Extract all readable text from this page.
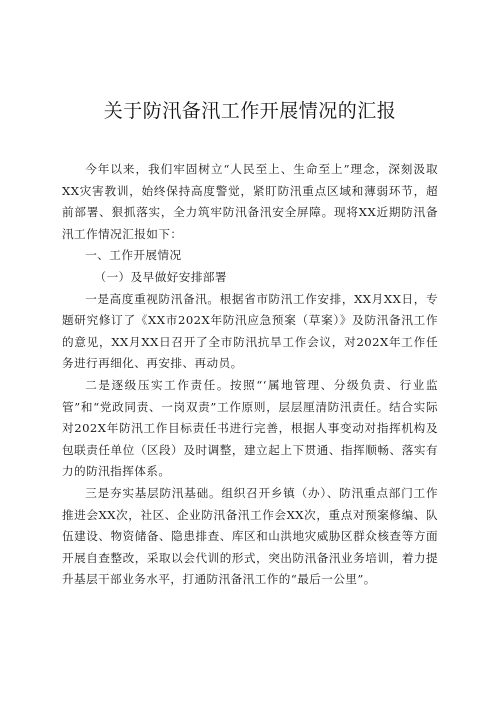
关于防汛备汛工作开展情况的汇报

今年以来，我们牢固树立“人民至上、生命至上”理念，深刻汲取XX灾害教训，始终保持高度警觉，紧盯防汛重点区域和薄弱环节，超前部署、狠抓落实，全力筑牢防汛备汛安全屏障。现将XX近期防汛备汛工作情况汇报如下：

一、工作开展情况

（一）及早做好安排部署

一是高度重视防汛备汛。根据省市防汛工作安排，XX月XX日，专题研究修订了《XX市202X年防汛应急预案（草案）》及防汛备汛工作的意见，XX月XX日召开了全市防汛抗旱工作会议，对202X年工作任务进行再细化、再安排、再动员。

二是逐级压实工作责任。按照“‘属地管理、分级负责、行业监管”和“党政同责、一岗双责”工作原则，层层厘清防汛责任。结合实际对202X年防汛工作目标责任书进行完善，根据人事变动对指挥机构及包联责任单位（区段）及时调整，建立起上下贯通、指挥顺畅、落实有力的防汛指挥体系。

三是夯实基层防汛基础。组织召开乡镇（办）、防汛重点部门工作推进会XX次，社区、企业防汛备汛工作会XX次，重点对预案修编、队伍建设、物资储备、隐患排查、库区和山洪地灾威胁区群众核查等方面开展自查整改，采取以会代训的形式，突出防汛备汛业务培训，着力提升基层干部业务水平，打通防汛备汛工作的“最后一公里”。
